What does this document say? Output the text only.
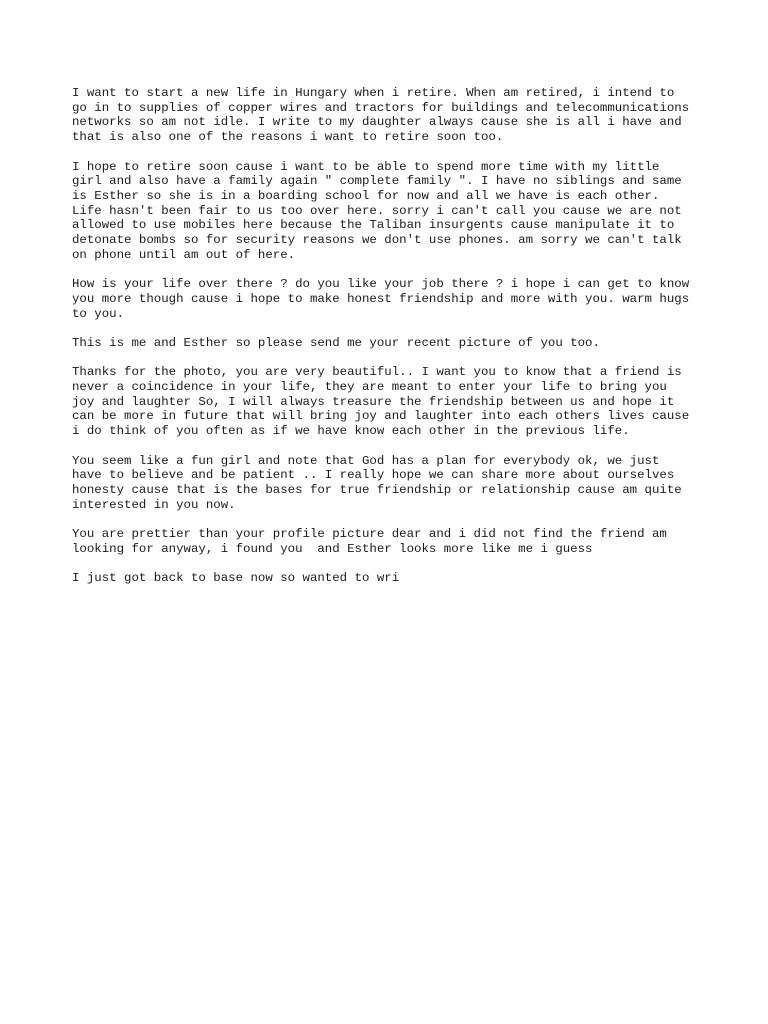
I want to start a new life in Hungary when i retire. When am retired, i intend to
go in to supplies of copper wires and tractors for buildings and telecommunications
networks so am not idle. I write to my daughter always cause she is all i have and
that is also one of the reasons i want to retire soon too.

I hope to retire soon cause i want to be able to spend more time with my little
girl and also have a family again " complete family ". I have no siblings and same
is Esther so she is in a boarding school for now and all we have is each other.
Life hasn't been fair to us too over here. sorry i can't call you cause we are not
allowed to use mobiles here because the Taliban insurgents cause manipulate it to
detonate bombs so for security reasons we don't use phones. am sorry we can't talk
on phone until am out of here.

How is your life over there ? do you like your job there ? i hope i can get to know
you more though cause i hope to make honest friendship and more with you. warm hugs
to you.

This is me and Esther so please send me your recent picture of you too.

Thanks for the photo, you are very beautiful.. I want you to know that a friend is
never a coincidence in your life, they are meant to enter your life to bring you
joy and laughter So, I will always treasure the friendship between us and hope it
can be more in future that will bring joy and laughter into each others lives cause
i do think of you often as if we have know each other in the previous life.

You seem like a fun girl and note that God has a plan for everybody ok, we just
have to believe and be patient .. I really hope we can share more about ourselves
honesty cause that is the bases for true friendship or relationship cause am quite
interested in you now.

You are prettier than your profile picture dear and i did not find the friend am
looking for anyway, i found you  and Esther looks more like me i guess

I just got back to base now so wanted to wri
